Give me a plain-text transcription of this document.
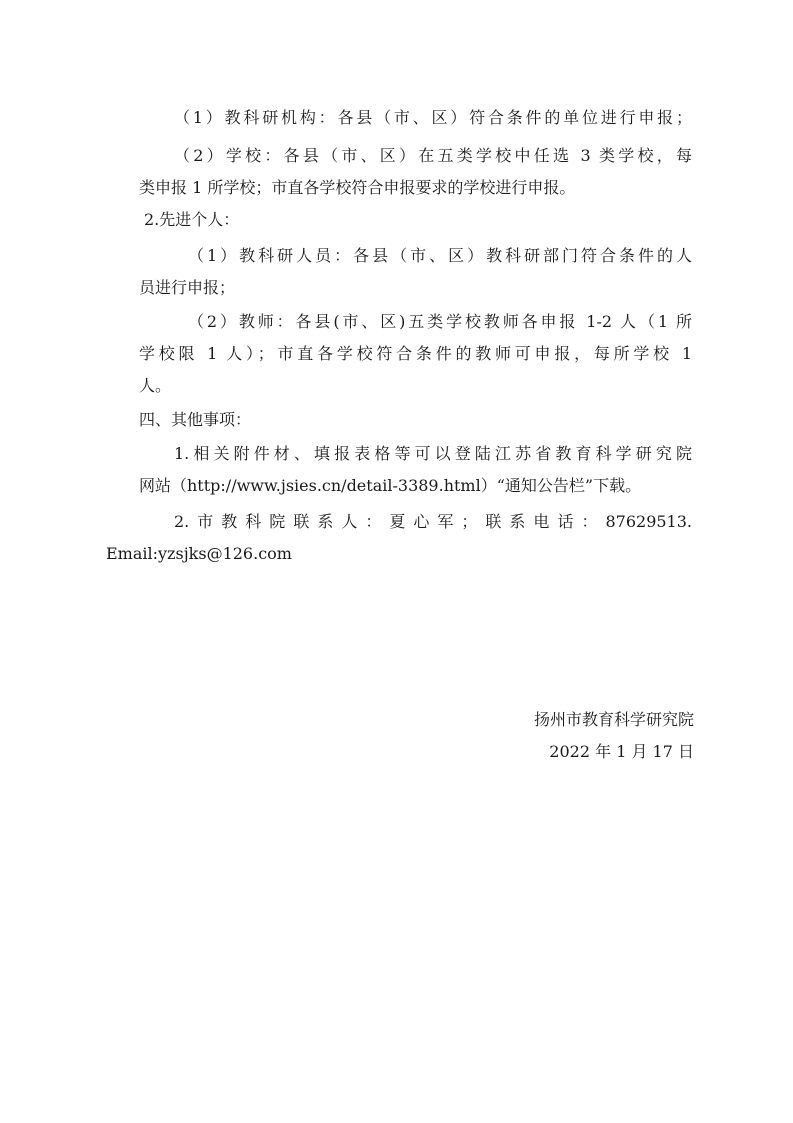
（1）教科研机构：各县（市、区）符合条件的单位进行申报；

（2）学校：各县（市、区）在五类学校中任选 3 类学校，每

类申报 1 所学校；市直各学校符合申报要求的学校进行申报。

2.先进个人：

（1）教科研人员：各县（市、区）教科研部门符合条件的人

员进行申报；

（2）教师：各县(市、区)五类学校教师各申报 1-2 人（1 所

学校限 1 人）；市直各学校符合条件的教师可申报，每所学校 1

人。

四、其他事项：

1.相关附件材、填报表格等可以登陆江苏省教育科学研究院

网站（http://www.jsies.cn/detail-3389.html）“通知公告栏”下载。

2.市教科院联系人：夏心军；联系电话：87629513.

Email:yzsjks@126.com

扬州市教育科学研究院

2022 年 1 月 17 日
